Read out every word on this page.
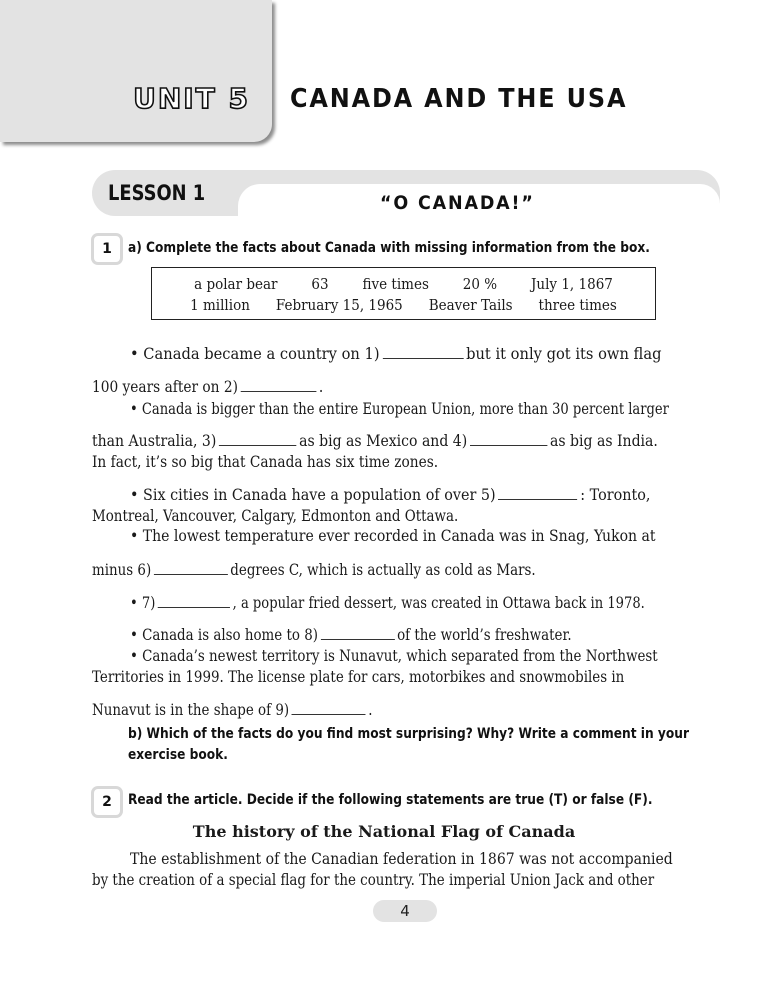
UNIT 5 CANADA AND THE USA
LESSON 1	“O CANADA!”
1	a) Complete the facts about Canada with missing information from the box.
a polar bear 63 five times 20 % July 1, 1867
1 million February 15, 1965 Beaver Tails three times
• Canada became a country on 1)	but it only got its own flag
100 years after on 2)	.
• Canada is bigger than the entire European Union, more than 30 percent larger
than Australia, 3)	as big as Mexico and 4)	as big as India.
In fact, it’s so big that Canada has six time zones.
• Six cities in Canada have a population of over 5)	: Toronto,
Montreal, Vancouver, Calgary, Edmonton and Ottawa.
• The lowest temperature ever recorded in Canada was in Snag, Yukon at
minus 6)	degrees C, which is actually as cold as Mars.
• 7)	, a popular fried dessert, was created in Ottawa back in 1978.
• Canada is also home to 8)	of the world’s freshwater.
• Canada’s newest territory is Nunavut, which separated from the Northwest
Territories in 1999. The license plate for cars, motorbikes and snowmobiles in
Nunavut is in the shape of 9)	.
b) Which of the facts do you find most surprising? Why? Write a comment in your
exercise book.
2	Read the article. Decide if the following statements are true (T) or false (F).
The history of the National Flag of Canada
The establishment of the Canadian federation in 1867 was not accompanied
by the creation of a special flag for the country. The imperial Union Jack and other
4
